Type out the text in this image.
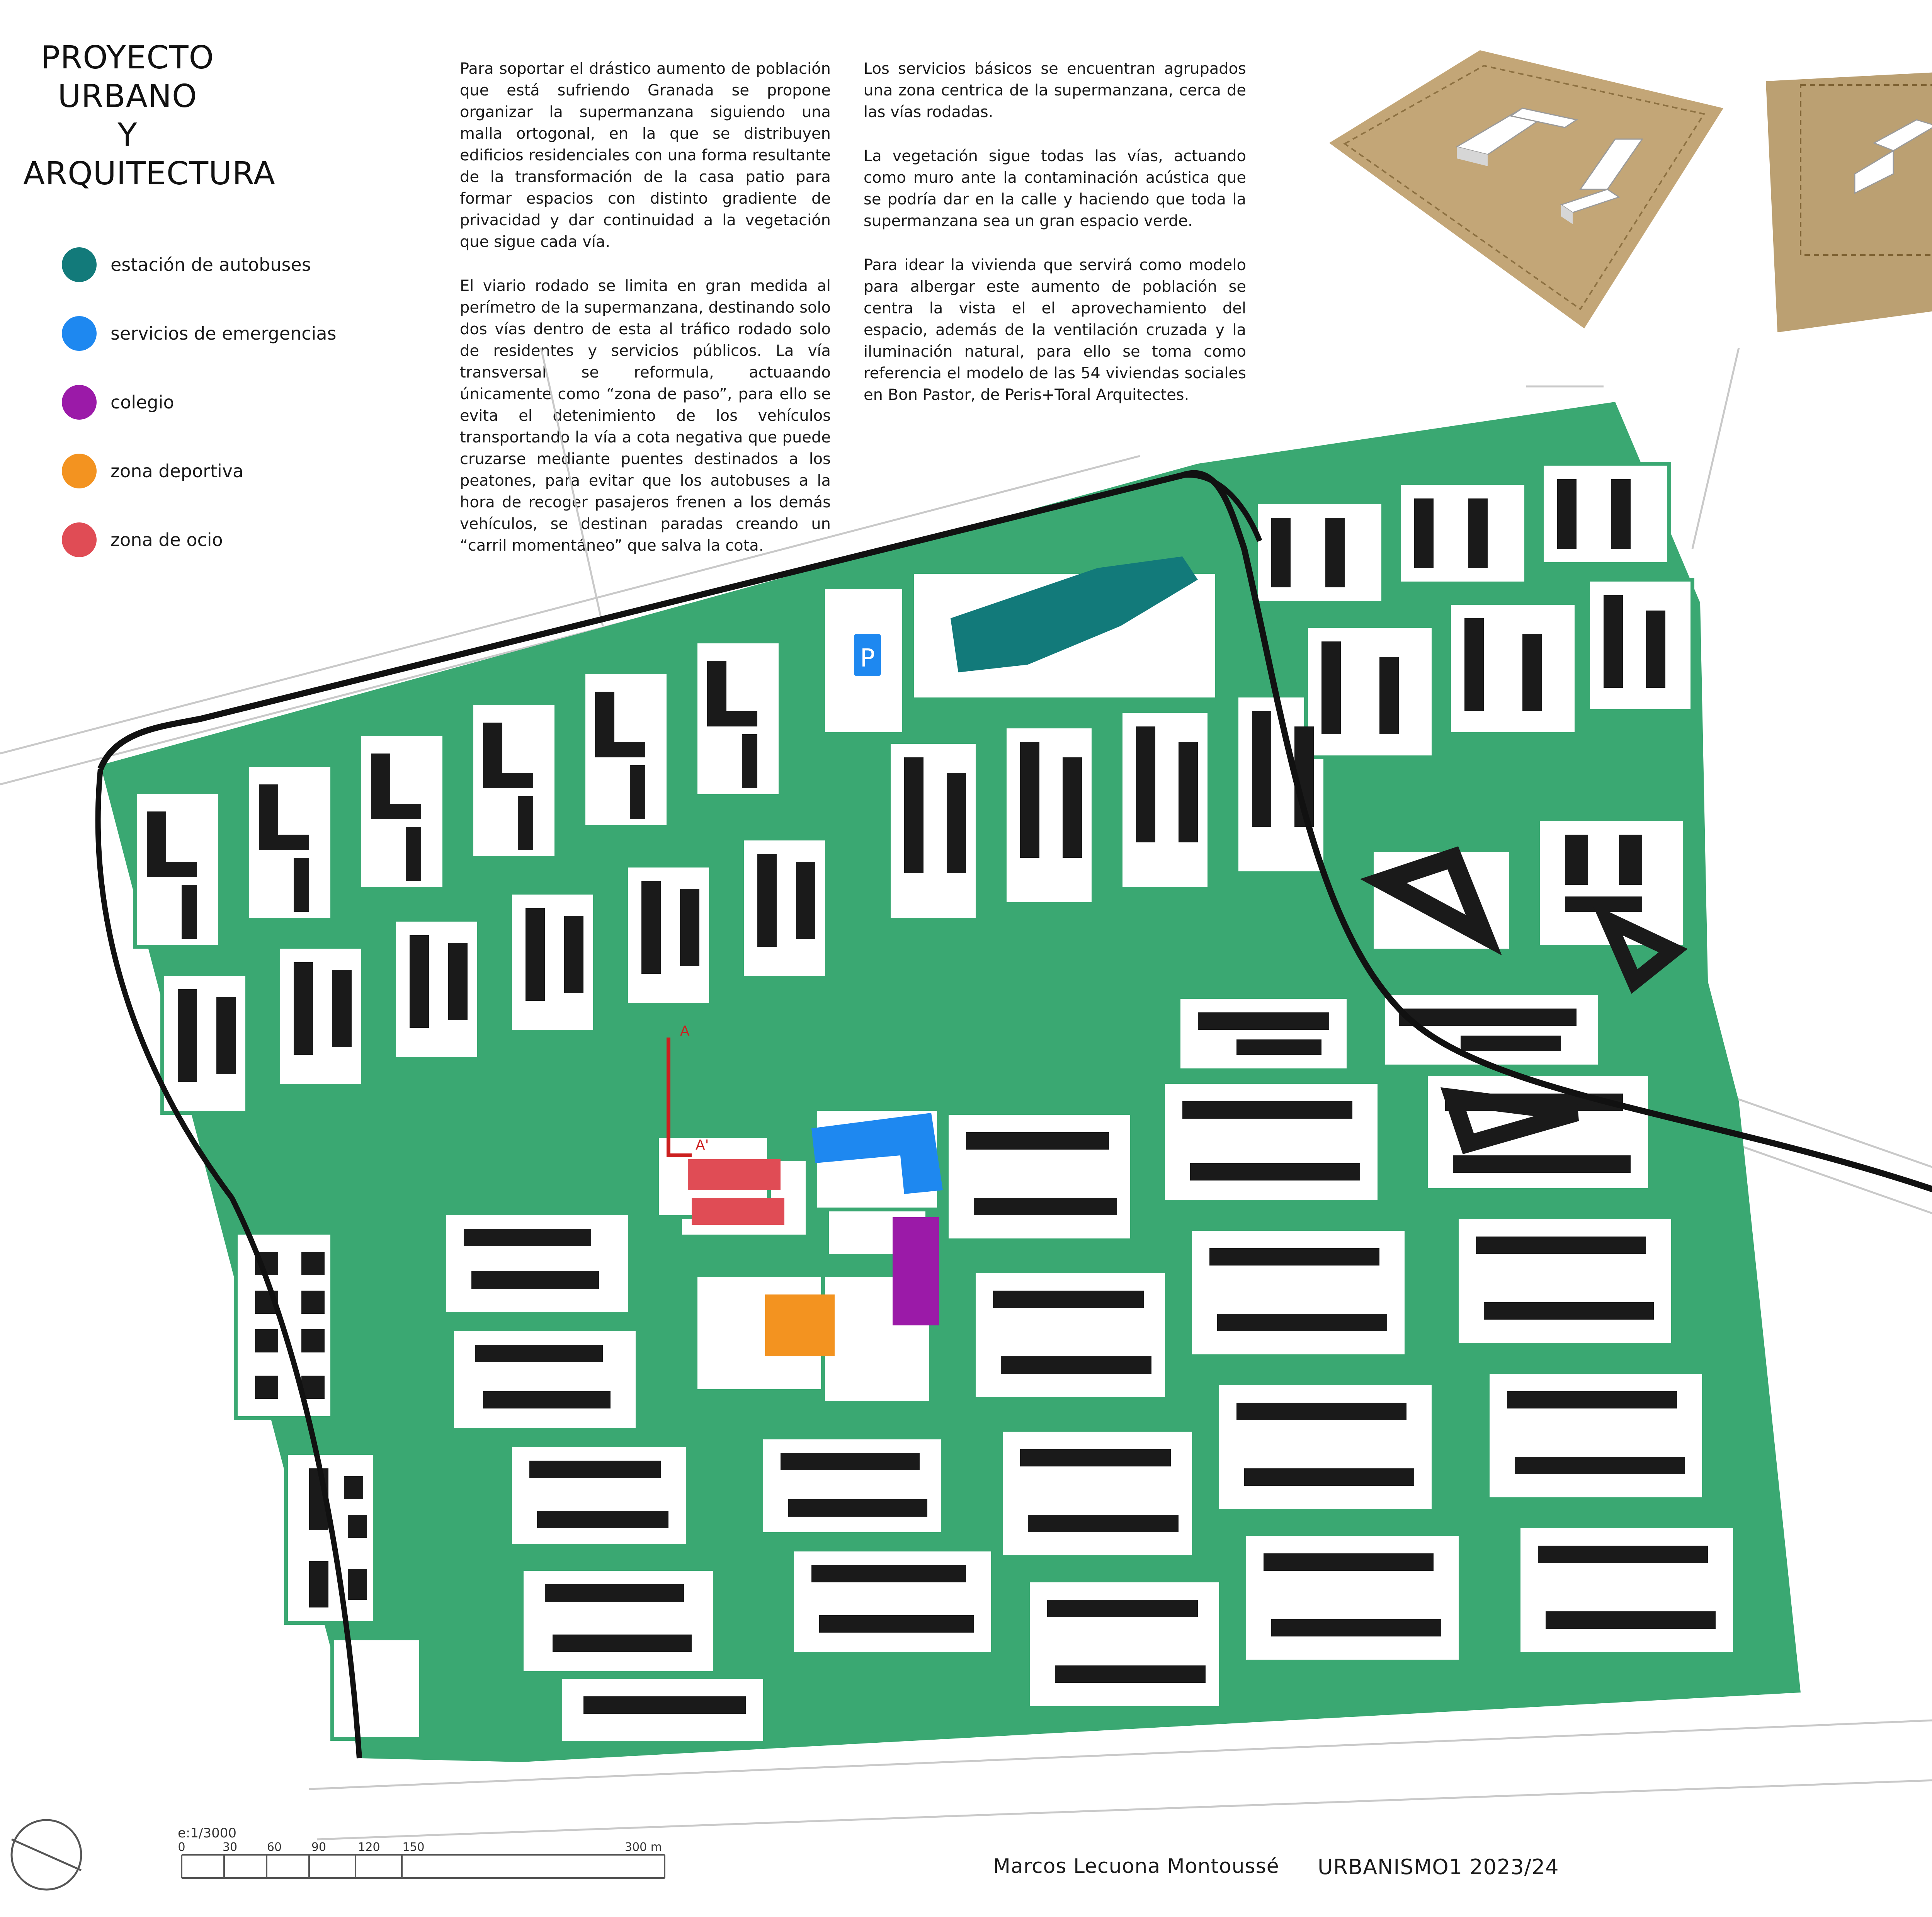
PROYECTO URBANO
Y
ARQUITECTURA
estación de autobuses
servicios de emergencias
colegio
zona deportiva
zona de ocio

Para soportar el drástico aumento de población que está sufriendo Granada se propone organizar la supermanzana siguiendo una malla ortogonal, en la que se distribuyen edificios residenciales con una forma resultante de la transformación de la casa patio para formar espacios con distinto gradiente de privacidad y dar continuidad a la vegetación que sigue cada vía.

El viario rodado se limita en gran medida al perímetro de la supermanzana, destinando solo dos vías dentro de esta al tráfico rodado solo de residentes y servicios públicos. La vía transversal se reformula, actuaando únicamente como “zona de paso”, para ello se evita el detenimiento de los vehículos transportando la vía a cota negativa que puede cruzarse mediante puentes destinados a los peatones, para evitar que los autobuses a la hora de recoger pasajeros frenen a los demás vehículos, se destinan paradas creando un “carril momentáneo” que salva la cota.

Los servicios básicos se encuentran agrupados una zona centrica de la supermanzana, cerca de las vías rodadas.

La vegetación sigue todas las vías, actuando como muro ante la contaminación acústica que se podría dar en la calle y haciendo que toda la supermanzana sea un gran espacio verde.

Para idear la vivienda que servirá como modelo para albergar este aumento de población se centra la vista el el aprovechamiento del espacio, además de la ventilación cruzada y la iluminación natural, para ello se toma como referencia el modelo de las 54 viviendas sociales en Bon Pastor, de Peris+Toral Arquitectes.

P
A
A'
e:1/3000
0	30	60	90	120 150	300 m
Marcos Lecuona Montoussé URBANISMO1 2023/24
